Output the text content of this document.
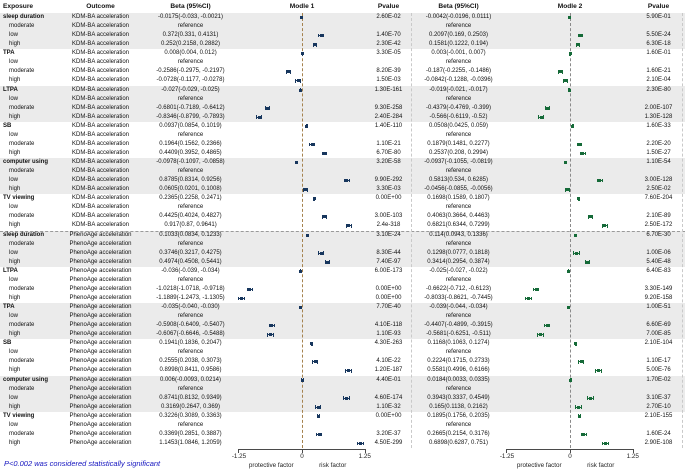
Exposure	Outcome	Beta (95%CI)	Modle 1	Pvalue	Beta (95%CI)	Modle 2	Pvalue
sleep duration	KDM-BA acceleration	-0.0175(-0.033, -0.0021)	2.60E-02	-0.0042(-0.0196, 0.0111)	5.90E-01
moderate	KDM-BA acceleration	reference	reference
low	KDM-BA acceleration	0.372(0.331, 0.4131)	1.40E-70	0.2097(0.169, 0.2503)	5.50E-24
high	KDM-BA acceleration	0.252(0.2158, 0.2882)	2.30E-42	0.1581(0.1222, 0.194)	6.30E-18
TPA	KDM-BA acceleration	0.008(0.004, 0.012)	3.30E-05	0.003(-0.001, 0.007)	1.60E-01
low	KDM-BA acceleration	reference	reference
moderate	KDM-BA acceleration	-0.2586(-0.2975, -0.2197)	8.20E-39	-0.187(-0.2255, -0.1486)	1.60E-21
high	KDM-BA acceleration	-0.0728(-0.1177, -0.0278)	1.50E-03	-0.0842(-0.1288, -0.0396)	2.10E-04
LTPA	KDM-BA acceleration	-0.027(-0.029, -0.025)	1.30E-161	-0.019(-0.021, -0.017)	2.30E-80
low	KDM-BA acceleration	reference	reference
moderate	KDM-BA acceleration	-0.6801(-0.7189, -0.6412)	9.30E-258	-0.4379(-0.4769, -0.399)	2.00E-107
high	KDM-BA acceleration	-0.8346(-0.8799, -0.7893)	2.40E-284	-0.566(-0.6119, -0.52)	1.30E-128
SB	KDM-BA acceleration	0.0937(0.0854, 0.1019)	1.40E-110	0.0508(0.0425, 0.059)	1.60E-33
low	KDM-BA acceleration	reference	reference
moderate	KDM-BA acceleration	0.1964(0.1562, 0.2366)	1.10E-21	0.1879(0.1481, 0.2277)	2.20E-20
high	KDM-BA acceleration	0.4409(0.3952, 0.4865)	6.70E-80	0.2537(0.208, 0.2994)	1.50E-27
computer using	KDM-BA acceleration	-0.0978(-0.1097, -0.0858)	3.20E-58	-0.0937(-0.1055, -0.0819)	1.10E-54
moderate	KDM-BA acceleration	reference	reference
low	KDM-BA acceleration	0.8785(0.8314, 0.9256)	9.90E-292	0.5813(0.534, 0.6285)	3.00E-128
high	KDM-BA acceleration	0.0605(0.0201, 0.1008)	3.30E-03	-0.0456(-0.0855, -0.0056)	2.50E-02
TV viewing	KDM-BA acceleration	0.2365(0.2258, 0.2471)	0.00E+00	0.1698(0.1589, 0.1807)	7.60E-204
low	KDM-BA acceleration	reference	reference
moderate	KDM-BA acceleration	0.4425(0.4024, 0.4827)	3.00E-103	0.4063(0.3664, 0.4463)	2.10E-89
high	KDM-BA acceleration	0.917(0.87, 0.9641)	2.4e-318	0.6821(0.6344, 0.7299)	2.50E-172
sleep duration	PhenoAge acceleration	0.1033(0.0834, 0.1233)	3.10E-24	0.114(0.0943, 0.1336)	6.70E-30
moderate	PhenoAge acceleration	reference	reference
low	PhenoAge acceleration	0.3746(0.3217, 0.4275)	8.30E-44	0.1298(0.0777, 0.1818)	1.00E-06
high	PhenoAge acceleration	0.4974(0.4508, 0.5441)	7.40E-97	0.3414(0.2954, 0.3874)	5.40E-48
LTPA	PhenoAge acceleration	-0.036(-0.039, -0.034)	6.00E-173	-0.025(-0.027, -0.022)	6.40E-83
low	PhenoAge acceleration	reference	reference
moderate	PhenoAge acceleration	-1.0218(-1.0718, -0.9718)	0.00E+00	-0.6622(-0.712, -0.6123)	3.30E-149
high	PhenoAge acceleration	-1.1889(-1.2473, -1.1305)	0.00E+00	-0.8033(-0.8621, -0.7445)	9.20E-158
TPA	PhenoAge acceleration	-0.035(-0.040, -0.030)	7.70E-40	-0.039(-0.044, -0.034)	1.00E-51
low	PhenoAge acceleration	reference	reference
moderate	PhenoAge acceleration	-0.5908(-0.6409, -0.5407)	4.10E-118	-0.4407(-0.4899, -0.3915)	6.60E-69
high	PhenoAge acceleration	-0.6067(-0.6646, -0.5488)	1.10E-93	-0.5681(-0.6251, -0.511)	7.00E-85
SB	PhenoAge acceleration	0.1941(0.1836, 0.2047)	4.30E-263	0.1168(0.1063, 0.1274)	2.10E-104
low	PhenoAge acceleration	reference	reference
moderate	PhenoAge acceleration	0.2555(0.2038, 0.3073)	4.10E-22	0.2224(0.1715, 0.2733)	1.10E-17
high	PhenoAge acceleration	0.8998(0.8411, 0.9586)	1.20E-187	0.5581(0.4996, 0.6166)	5.00E-76
computer using	PhenoAge acceleration	0.006(-0.0093, 0.0214)	4.40E-01	0.0184(0.0033, 0.0335)	1.70E-02
moderate	PhenoAge acceleration	reference	reference
low	PhenoAge acceleration	0.8741(0.8132, 0.9349)	4.60E-174	0.3943(0.3337, 0.4549)	3.10E-37
high	PhenoAge acceleration	0.3169(0.2647, 0.369)	1.10E-32	0.165(0.1138, 0.2162)	2.70E-10
TV viewing	PhenoAge acceleration	0.3226(0.3089, 0.3363)	0.00E+00	0.1895(0.1756, 0.2035)	2.10E-155
low	PhenoAge acceleration	reference	reference
moderate	PhenoAge acceleration	0.3369(0.2851, 0.3887)	3.20E-37	0.2665(0.2154, 0.3176)	1.60E-24
high	PhenoAge acceleration	1.1453(1.0846, 1.2059)	4.50E-299	0.6898(0.6287, 0.751)	2.90E-108
-1.25	0	1.25
protective factor	risk factor
-1.25	0	1.25
protective factor	risk factor
P<0.002 was considered statistically significant
